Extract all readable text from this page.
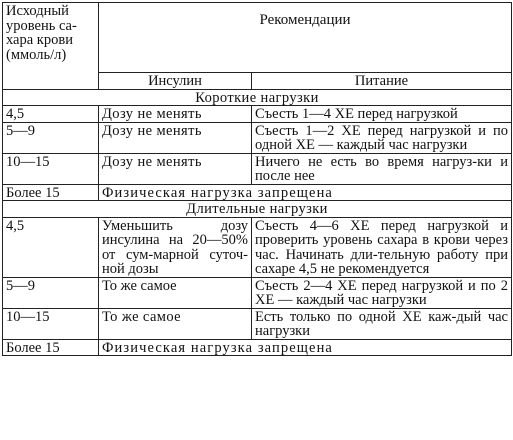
Исходный уровень са-хара крови (ммоль/л)	Рекомендации	
	Инсулин	Питание
Короткие нагрузки		
4,5	Дозу не менять	Съесть 1—4 ХЕ перед нагрузкой
5—9	Дозу не менять	Съесть 1—2 ХЕ перед нагрузкой и по одной ХЕ — каждый час нагрузки
10—15	Дозу не менять	Ничего не есть во время нагруз-ки и после нее
Более 15	Физическая нагрузка запрещена	
Длительные нагрузки		
4,5	Уменьшить дозу инсулина на 20—50% от сум-марной суточ-ной дозы	Съесть 4—6 ХЕ перед нагрузкой и проверить уровень сахара в крови через час. Начинать дли-тельную работу при сахаре 4,5 не рекомендуется
5—9	То же самое	Съесть 2—4 ХЕ перед нагрузкой и по 2 ХЕ — каждый час нагрузки
10—15	То же самое	Есть только по одной ХЕ каж-дый час нагрузки
Более 15	Физическая нагрузка запрещена	
